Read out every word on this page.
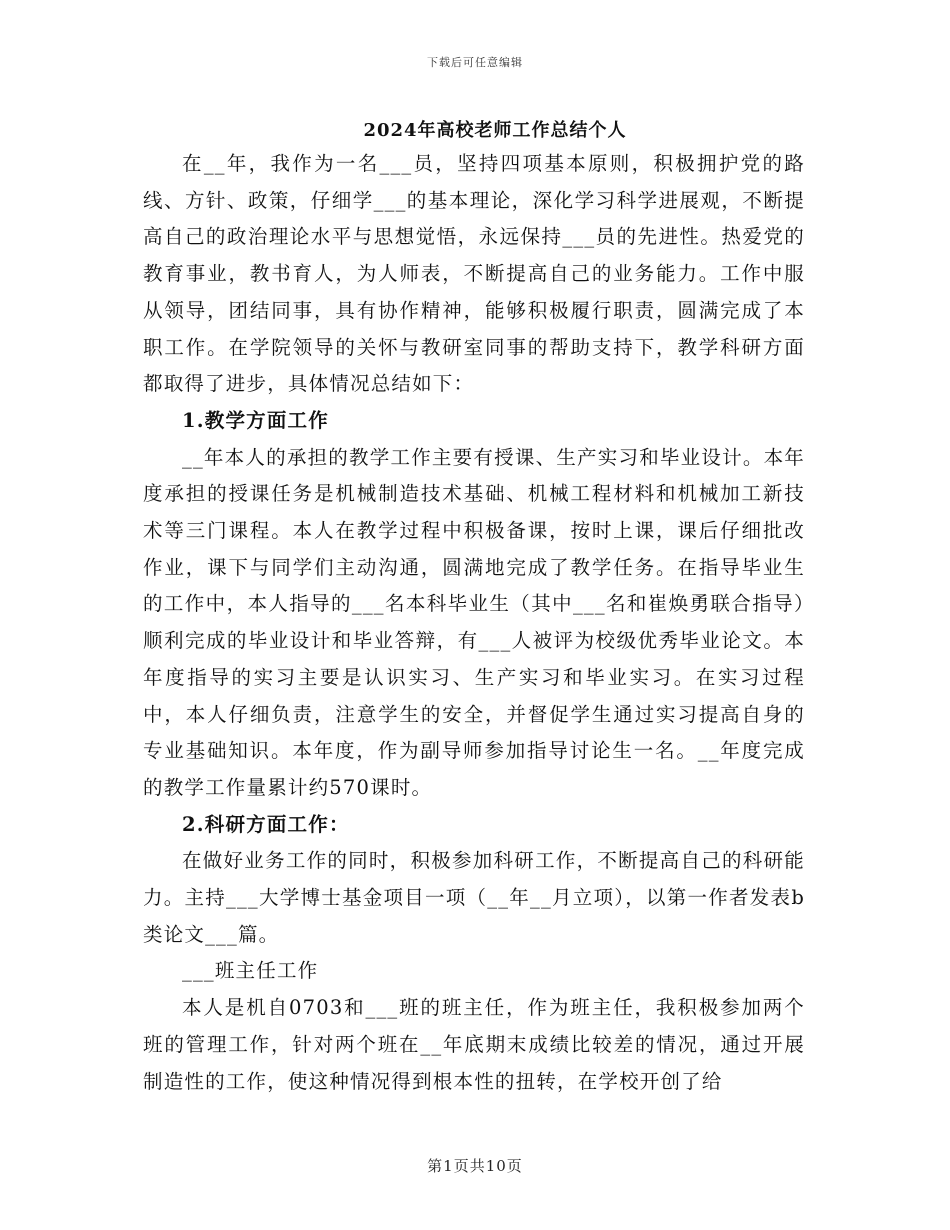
下载后可任意编辑
2024年高校老师工作总结个人

在__年，我作为一名___员，坚持四项基本原则，积极拥护党的路线、方针、政策，仔细学___的基本理论，深化学习科学进展观，不断提高自己的政治理论水平与思想觉悟，永远保持___员的先进性。热爱党的教育事业，教书育人，为人师表，不断提高自己的业务能力。工作中服从领导，团结同事，具有协作精神，能够积极履行职责，圆满完成了本职工作。在学院领导的关怀与教研室同事的帮助支持下，教学科研方面都取得了进步，具体情况总结如下：

1.教学方面工作

__年本人的承担的教学工作主要有授课、生产实习和毕业设计。本年度承担的授课任务是机械制造技术基础、机械工程材料和机械加工新技术等三门课程。本人在教学过程中积极备课，按时上课，课后仔细批改作业，课下与同学们主动沟通，圆满地完成了教学任务。在指导毕业生的工作中，本人指导的___名本科毕业生（其中___名和崔焕勇联合指导）顺利完成的毕业设计和毕业答辩，有___人被评为校级优秀毕业论文。本年度指导的实习主要是认识实习、生产实习和毕业实习。在实习过程中，本人仔细负责，注意学生的安全，并督促学生通过实习提高自身的专业基础知识。本年度，作为副导师参加指导讨论生一名。__年度完成的教学工作量累计约570课时。

2.科研方面工作：

在做好业务工作的同时，积极参加科研工作，不断提高自己的科研能力。主持___大学博士基金项目一项（__年__月立项），以第一作者发表b类论文___篇。

___班主任工作

本人是机自0703和___班的班主任，作为班主任，我积极参加两个班的管理工作，针对两个班在__年底期末成绩比较差的情况，通过开展制造性的工作，使这种情况得到根本性的扭转，在学校开创了给

第1页共10页
